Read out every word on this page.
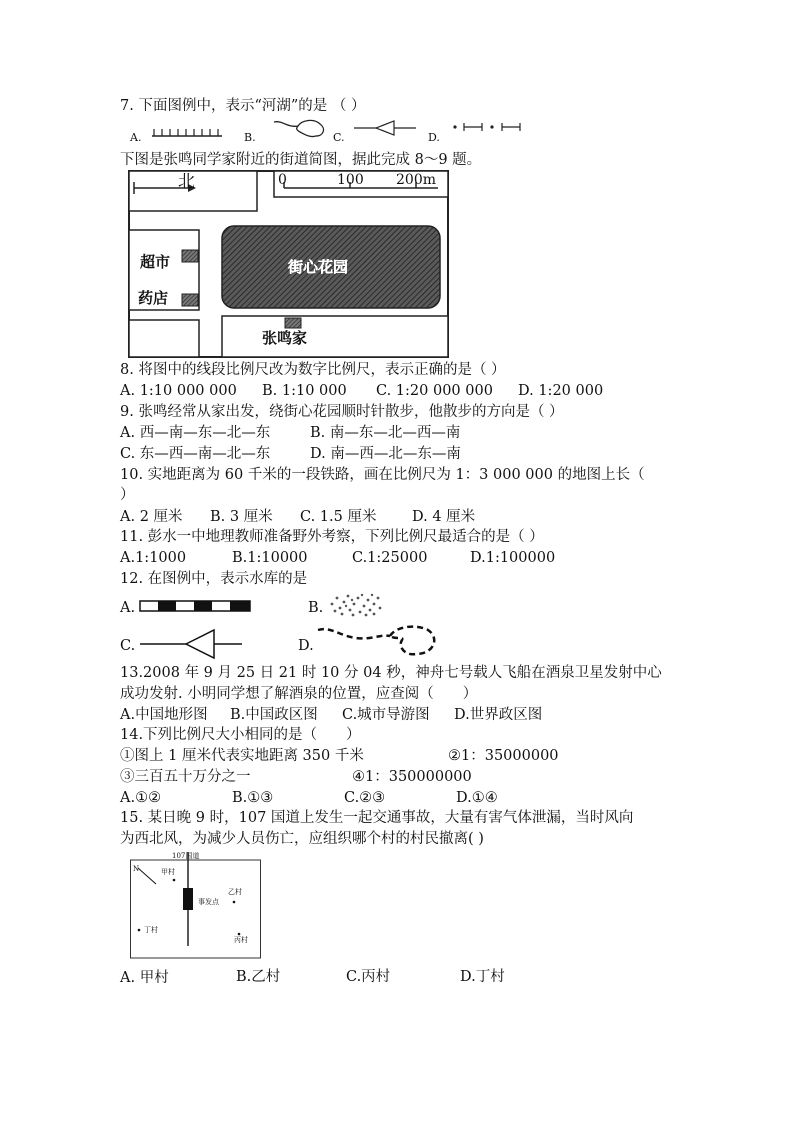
7. 下面图例中，表示“河湖”的是 （ ）
A.	B.	C.	D.
下图是张鸣同学家附近的街道简图，据此完成 8～9 题。
北	0	100 200m
街心花园
超市
药店
张鸣家
8. 将图中的线段比例尺改为数字比例尺，表示正确的是（ ）
A. 1:10 000 000 B. 1:10 000 C. 1:20 000 000 D. 1:20 000
9. 张鸣经常从家出发，绕街心花园顺时针散步，他散步的方向是（ ）
A. 西—南—东—北—东	B. 南—东—北—西—南
C. 东—西—南—北—东	D. 南—西—北—东—南
10. 实地距离为 60 千米的一段铁路，画在比例尺为 1：3 000 000 的地图上长（
）
A. 2 厘米 B. 3 厘米 C. 1.5 厘米 D. 4 厘米
11. 彭水一中地理教师准备野外考察，下列比例尺最适合的是（ ）
A.1:1000	B.1:10000	C.1:25000	D.1:100000
12. 在图例中，表示水库的是
A.	B.
C.	D.
13.2008 年 9 月 25 日 21 时 10 分 04 秒，神舟七号载人飞船在酒泉卫星发射中心
成功发射. 小明同学想了解酒泉的位置，应查阅（　　）
A.中国地形图 B.中国政区图 C.城市导游图 D.世界政区图
14.下列比例尺大小相同的是（　　）
①图上 1 厘米代表实地距离 350 千米	②1：35000000
③三百五十万分之一	④1：350000000
A.①②	B.①③	C.②③	D.①④
15. 某日晚 9 时，107 国道上发生一起交通事故，大量有害气体泄漏，当时风向
为西北风，为减少人员伤亡，应组织哪个村的村民撤离( )
107国道
事发点
N	甲村
乙村
丁村
丙村
A. 甲村	B.乙村	C.丙村	D.丁村
